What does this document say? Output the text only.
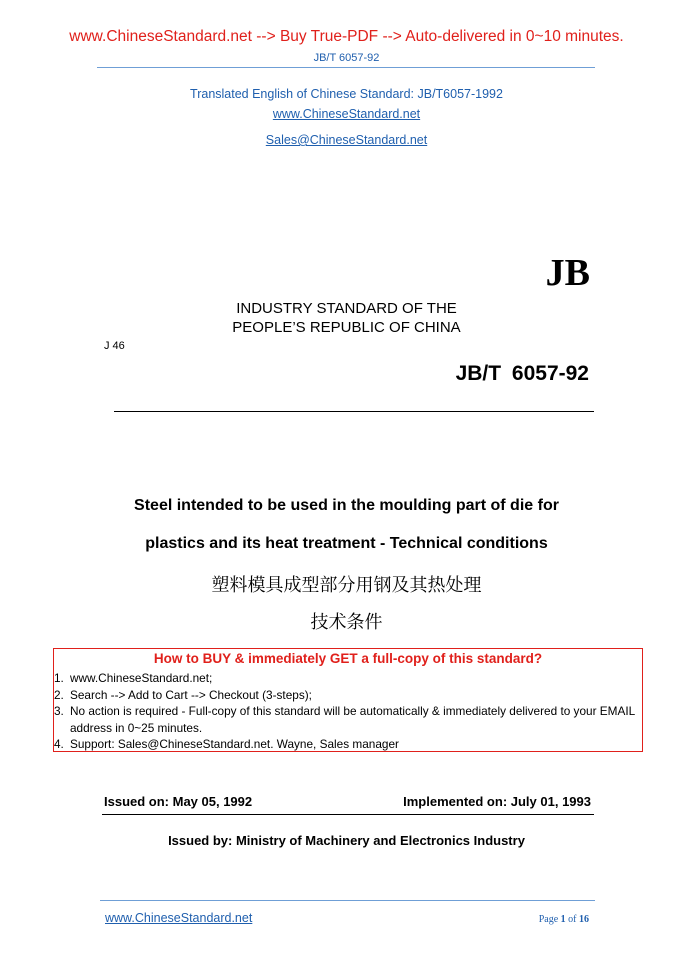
www.ChineseStandard.net --> Buy True-PDF --> Auto-delivered in 0~10 minutes.
JB/T 6057-92
Translated English of Chinese Standard: JB/T6057-1992
www.ChineseStandard.net
Sales@ChineseStandard.net
JB
INDUSTRY STANDARD OF THE
PEOPLE’S REPUBLIC OF CHINA
J 46
JB/T 6057-92
Steel intended to be used in the moulding part of die for
plastics and its heat treatment - Technical conditions
塑料模具成型部分用钢及其热处理
技术条件
How to BUY & immediately GET a full-copy of this standard?
1. www.ChineseStandard.net;
2. Search --> Add to Cart --> Checkout (3-steps);
3. No action is required - Full-copy of this standard will be automatically & immediately delivered to your EMAIL address in 0~25 minutes.
4. Support: Sales@ChineseStandard.net. Wayne, Sales manager
Issued on: May 05, 1992	Implemented on: July 01, 1993
Issued by: Ministry of Machinery and Electronics Industry
www.ChineseStandard.net	Page 1 of 16
